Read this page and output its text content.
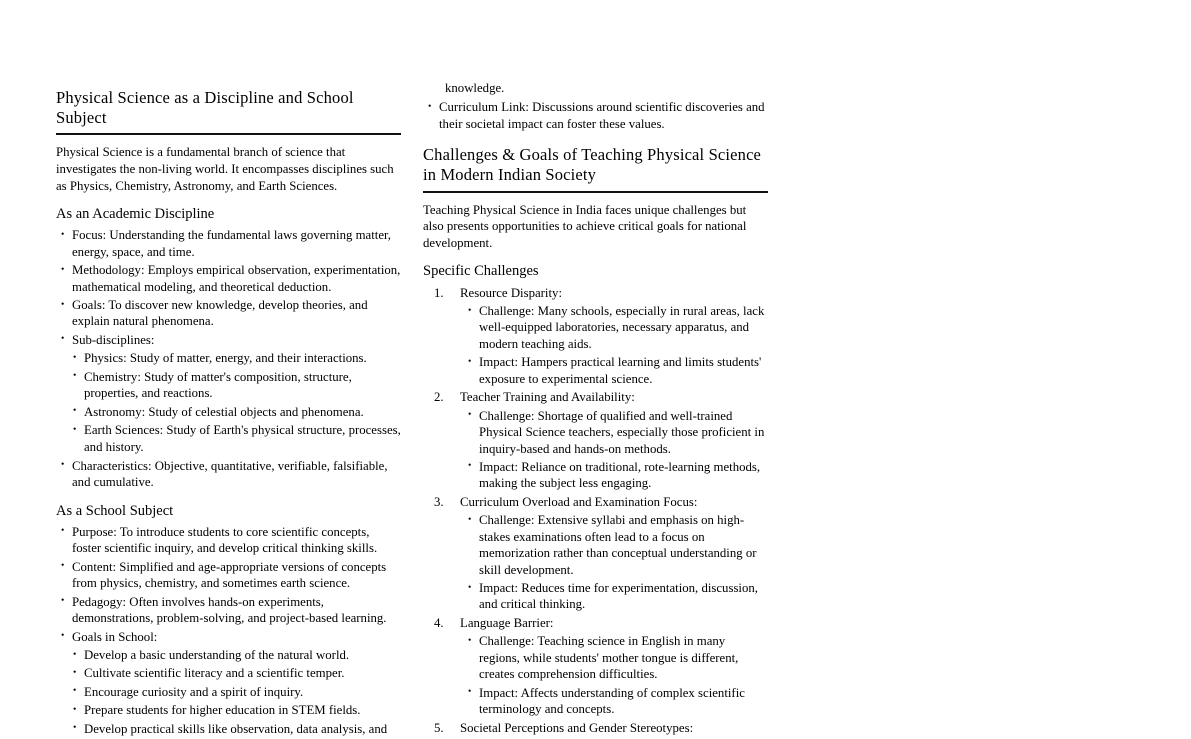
Physical Science as a Discipline and School Subject

Physical Science is a fundamental branch of science that investigates the non-living world. It encompasses disciplines such as Physics, Chemistry, Astronomy, and Earth Sciences.

As an Academic Discipline
• Focus: Understanding the fundamental laws governing matter, energy, space, and time.
• Methodology: Employs empirical observation, experimentation, mathematical modeling, and theoretical deduction.
• Goals: To discover new knowledge, develop theories, and explain natural phenomena.
• Sub-disciplines:
• Physics: Study of matter, energy, and their interactions.
• Chemistry: Study of matter's composition, structure, properties, and reactions.
• Astronomy: Study of celestial objects and phenomena.
• Earth Sciences: Study of Earth's physical structure, processes, and history.
• Characteristics: Objective, quantitative, verifiable, falsifiable, and cumulative.
As a School Subject
• Purpose: To introduce students to core scientific concepts, foster scientific inquiry, and develop critical thinking skills.
• Content: Simplified and age-appropriate versions of concepts from physics, chemistry, and sometimes earth science.
• Pedagogy: Often involves hands-on experiments, demonstrations, problem-solving, and project-based learning.
• Goals in School:
• Develop a basic understanding of the natural world.
• Cultivate scientific literacy and a scientific temper.
• Encourage curiosity and a spirit of inquiry.
• Prepare students for higher education in STEM fields.
• Develop practical skills like observation, data analysis, and
knowledge.
• Curriculum Link: Discussions around scientific discoveries and their societal impact can foster these values.
Challenges & Goals of Teaching Physical Science in Modern Indian Society

Teaching Physical Science in India faces unique challenges but also presents opportunities to achieve critical goals for national development.

Specific Challenges
Resource Disparity:
• Challenge: Many schools, especially in rural areas, lack well-equipped laboratories, necessary apparatus, and modern teaching aids.
• Impact: Hampers practical learning and limits students' exposure to experimental science.
Teacher Training and Availability:
• Challenge: Shortage of qualified and well-trained Physical Science teachers, especially those proficient in inquiry-based and hands-on methods.
• Impact: Reliance on traditional, rote-learning methods, making the subject less engaging.
Curriculum Overload and Examination Focus:
• Challenge: Extensive syllabi and emphasis on high-stakes examinations often lead to a focus on memorization rather than conceptual understanding or skill development.
• Impact: Reduces time for experimentation, discussion, and critical thinking.
Language Barrier:
• Challenge: Teaching science in English in many regions, while students' mother tongue is different, creates comprehension difficulties.
• Impact: Affects understanding of complex scientific terminology and concepts.
Societal Perceptions and Gender Stereotypes:
